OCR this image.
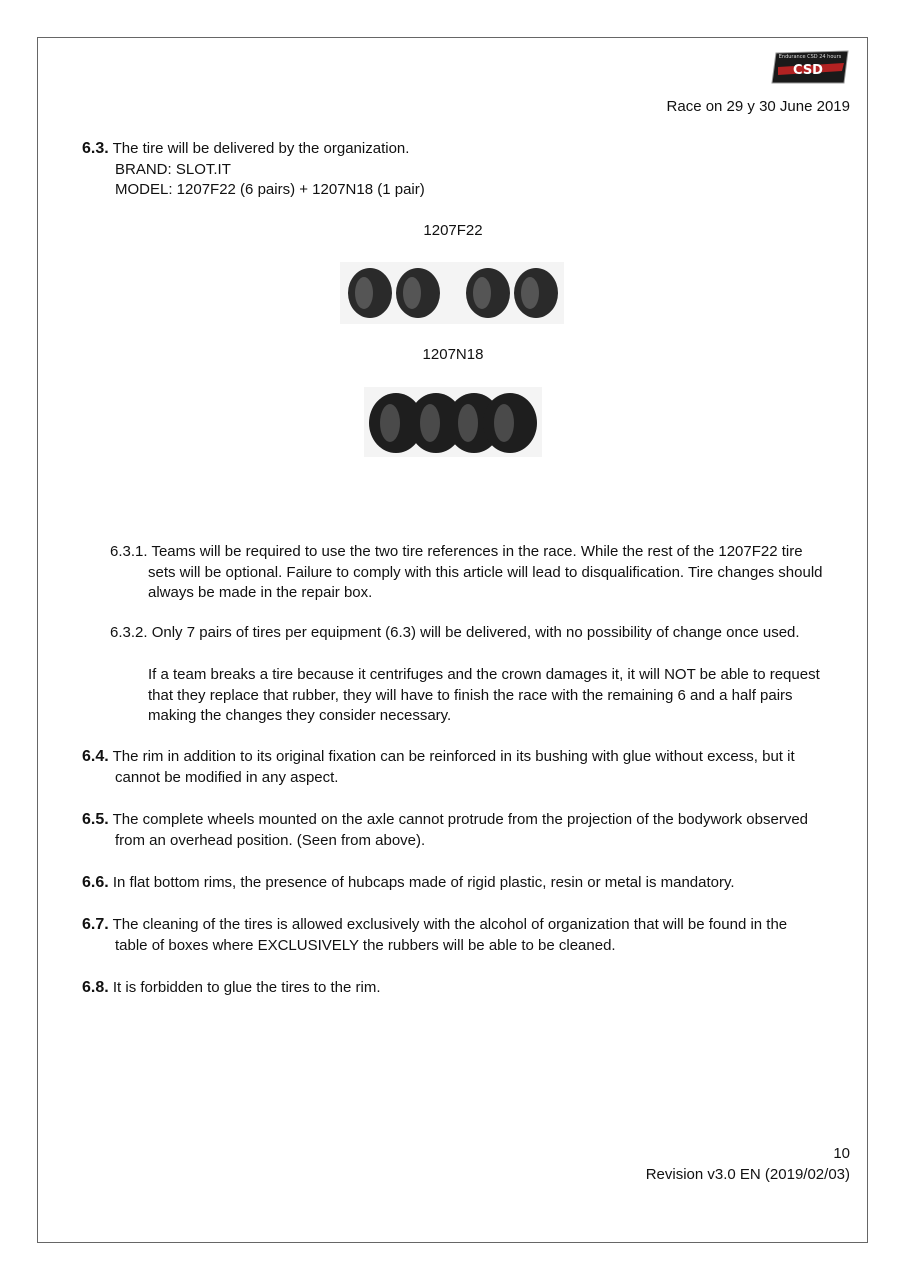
Endurance CSD 24 hours
CSD
Race on 29 y 30 June 2019
6.3. The tire will be delivered by the organization.
BRAND: SLOT.IT
MODEL: 1207F22 (6 pairs) + 1207N18 (1 pair)
1207F22
1207N18
6.3.1. Teams will be required to use the two tire references in the race. While the rest of the 1207F22 tire
sets will be optional. Failure to comply with this article will lead to disqualification. Tire changes should
always be made in the repair box.
6.3.2. Only 7 pairs of tires per equipment (6.3) will be delivered, with no possibility of change once used.
If a team breaks a tire because it centrifuges and the crown damages it, it will NOT be able to request
that they replace that rubber, they will have to finish the race with the remaining 6 and a half pairs
making the changes they consider necessary.
6.4. The rim in addition to its original fixation can be reinforced in its bushing with glue without excess, but it
cannot be modified in any aspect.
6.5. The complete wheels mounted on the axle cannot protrude from the projection of the bodywork observed
from an overhead position. (Seen from above).
6.6. In flat bottom rims, the presence of hubcaps made of rigid plastic, resin or metal is mandatory.
6.7. The cleaning of the tires is allowed exclusively with the alcohol of organization that will be found in the
table of boxes where EXCLUSIVELY the rubbers will be able to be cleaned.
6.8. It is forbidden to glue the tires to the rim.
10
Revision v3.0 EN (2019/02/03)
